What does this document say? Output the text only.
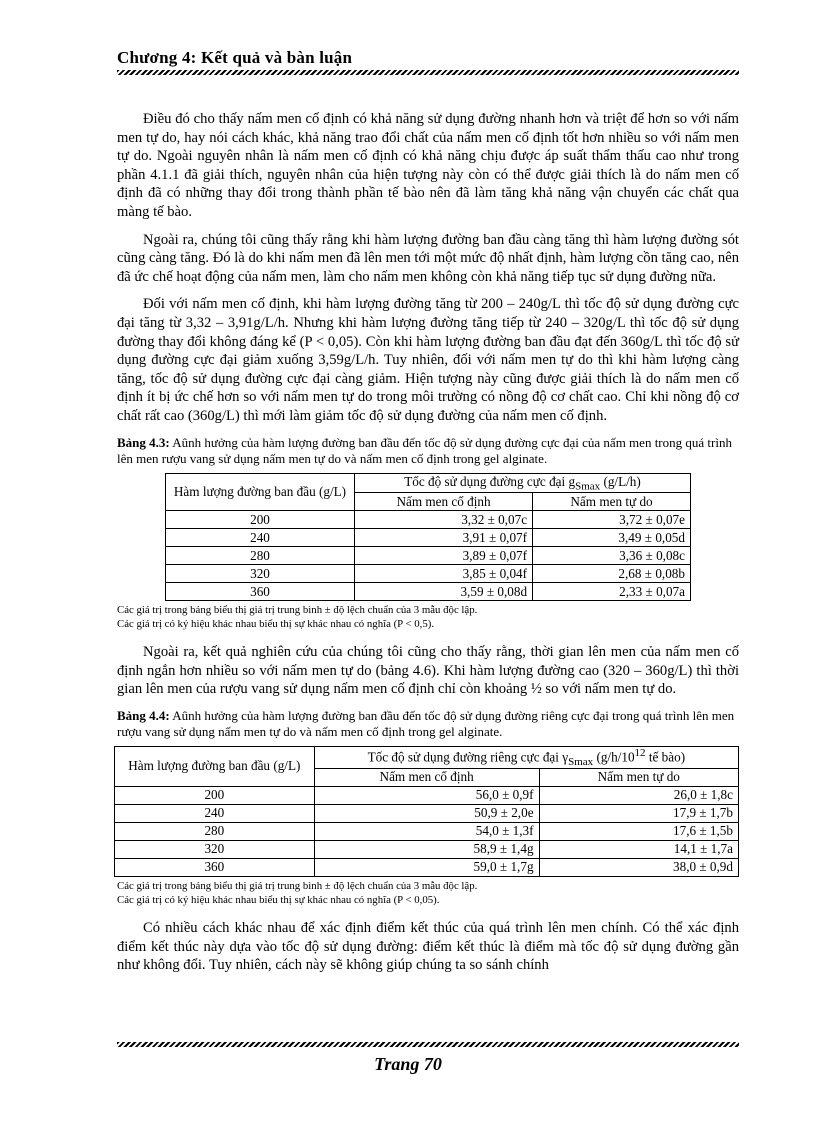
Chương 4: Kết quả và bàn luận

Điều đó cho thấy nấm men cố định có khả năng sử dụng đường nhanh hơn và triệt để hơn so với nấm men tự do, hay nói cách khác, khả năng trao đổi chất của nấm men cố định tốt hơn nhiều so với nấm men tự do. Ngoài nguyên nhân là nấm men cố định có khả năng chịu được áp suất thẩm thấu cao như trong phần 4.1.1 đã giải thích, nguyên nhân của hiện tượng này còn có thể được giải thích là do nấm men cố định đã có những thay đổi trong thành phần tế bào nên đã làm tăng khả năng vận chuyển các chất qua màng tế bào.

Ngoài ra, chúng tôi cũng thấy rằng khi hàm lượng đường ban đầu càng tăng thì hàm lượng đường sót cũng càng tăng. Đó là do khi nấm men đã lên men tới một mức độ nhất định, hàm lượng cồn tăng cao, nên đã ức chế hoạt động của nấm men, làm cho nấm men không còn khả năng tiếp tục sử dụng đường nữa.

Đối với nấm men cố định, khi hàm lượng đường tăng từ 200 – 240g/L thì tốc độ sử dụng đường cực đại tăng từ 3,32 – 3,91g/L/h. Nhưng khi hàm lượng đường tăng tiếp từ 240 – 320g/L thì tốc độ sử dụng đường thay đổi không đáng kể (P < 0,05). Còn khi hàm lượng đường ban đầu đạt đến 360g/L thì tốc độ sử dụng đường cực đại giảm xuống 3,59g/L/h. Tuy nhiên, đối với nấm men tự do thì khi hàm lượng càng tăng, tốc độ sử dụng đường cực đại càng giảm. Hiện tượng này cũng được giải thích là do nấm men cố định ít bị ức chế hơn so với nấm men tự do trong môi trường có nồng độ cơ chất cao. Chỉ khi nồng độ cơ chất rất cao (360g/L) thì mới làm giảm tốc độ sử dụng đường của nấm men cố định.

Bảng 4.3: Aûnh hưởng của hàm lượng đường ban đầu đến tốc độ sử dụng đường cực đại của nấm men trong quá trình lên men rượu vang sử dụng nấm men tự do và nấm men cố định trong gel alginate.
Hàm lượng đường ban đầu (g/L)	Tốc độ sử dụng đường cực đại $g_{Smax}$ (g/L/h)	
	Nấm men cố định	Nấm men tự do
200	3,32 ± 0,07c	3,72 ± 0,07e
240	3,91 ± 0,07f	3,49 ± 0,05d
280	3,89 ± 0,07f	3,36 ± 0,08c
320	3,85 ± 0,04f	2,68 ± 0,08b
360	3,59 ± 0,08d	2,33 ± 0,07a
Các giá trị trong bảng biểu thị giá trị trung bình ± độ lệch chuẩn của 3 mẫu độc lập.
Các giá trị có ký hiệu khác nhau biểu thị sự khác nhau có nghĩa (P < 0,5).

Ngoài ra, kết quả nghiên cứu của chúng tôi cũng cho thấy rằng, thời gian lên men của nấm men cố định ngắn hơn nhiều so với nấm men tự do (bảng 4.6). Khi hàm lượng đường cao (320 – 360g/L) thì thời gian lên men của rượu vang sử dụng nấm men cố định chỉ còn khoảng ½ so với nấm men tự do.

Bảng 4.4: Aûnh hưởng của hàm lượng đường ban đầu đến tốc độ sử dụng đường riêng cực đại trong quá trình lên men rượu vang sử dụng nấm men tự do và nấm men cố định trong gel alginate.
Hàm lượng đường ban đầu (g/L)	Tốc độ sử dụng đường riêng cực đại $\gamma_{Smax}$ ($g/h/10^{12}$ tế bào)	
	Nấm men cố định	Nấm men tự do
200	56,0 ± 0,9f	26,0 ± 1,8c
240	50,9 ± 2,0e	17,9 ± 1,7b
280	54,0 ± 1,3f	17,6 ± 1,5b
320	58,9 ± 1,4g	14,1 ± 1,7a
360	59,0 ± 1,7g	38,0 ± 0,9d
Các giá trị trong bảng biểu thị giá trị trung bình ± độ lệch chuẩn của 3 mẫu độc lập.
Các giá trị có ký hiệu khác nhau biểu thị sự khác nhau có nghĩa (P < 0,05).

Có nhiều cách khác nhau để xác định điểm kết thúc của quá trình lên men chính. Có thể xác định điểm kết thúc này dựa vào tốc độ sử dụng đường: điểm kết thúc là điểm mà tốc độ sử dụng đường gần như không đổi. Tuy nhiên, cách này sẽ không giúp chúng ta so sánh chính

Trang 70
